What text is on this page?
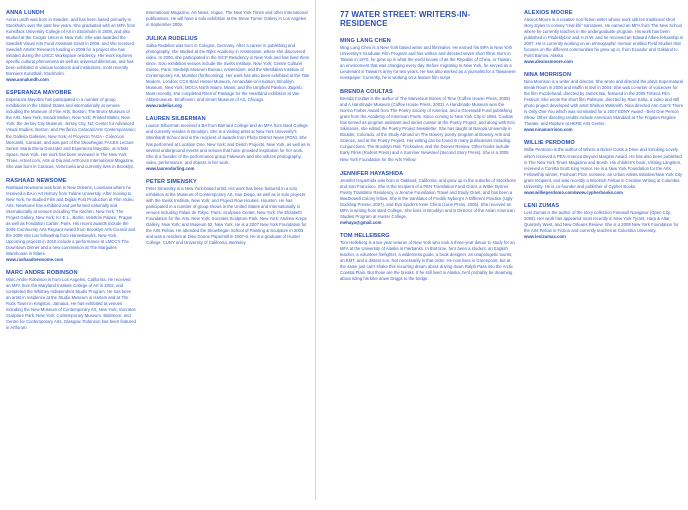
ANNA LUNDH

Anna Lundh was born in Sweden, and has been based primarily in Stockholm over the past few years. She graduated with an MFA from Konstfack University College of Art in Stockholm in 2008, and also studied at the Cooper Union in New York. She was awarded the Swedish Visual Arts Fund Assistant Grant in 2006, and she received Swedish Artists' Research funding in 2009 for a project she has initiated during the LMCC Workspace residency. Her work explores specific cultural phenomena as well as universal dilemmas, and has been exhibited in various locations and institutions, most recently Bonniers Konsthall, Stockholm.

www.annalundh.com
ESPERANZA MAYOBRE

Esperanza Mayobre has participated in a number of group exhibitions in the United States and internationally at venues including the Museum of Fine Arts, Boston; The Bronx Museum of the Arts, New York; Smack Mellon, New York; Printed Matter, New York; the Jersey City Museum, Jersey City, NJ; Center for Advanced Visual Studies, Boston; and Periferico Caracas/Arte Contemporaneo; the Galleria Galleries, New York; el Proyecto TAGA - Coleccion Mercantil, Caracas; and was part of the Skowhegan FACES Lecture Series: Maria Elena Gonzalez and Esperanza Mayobre, at Artists Space, New York. Her work has been reviewed in The New York Times, Artnet.com, Arte al Dia and ArtForum International Magazine. She was born in Caracas, Venezuela and currently lives in Brooklyn.

RASHAAD NEWSOME

Rashaad Newsome was born in New Orleans, Louisiana where he received a BA in Art History from Tulane University. After moving to New York, he studied Film and Digital Post Production at Film Video Arts. Newsome has exhibited and performed nationally and internationally at venues including The Kitchen, New York; The Project Gallery, New York; K.I.E.L., Berlin; Velettrini Palace, Prague as well as Fondation Cartier, Paris. His recent awards include the 2009 Community Arts Regrant Award from Brooklyn Arts Council and the 2009 Van Lier fellowship from Harvestworks, New York. Upcoming projects in 2010 include a performance at LMCC's The Downtown Dinner and a new commission at The Marguiles Warehouse in Miami.

www.rashaadnewsome.com
MARC ANDRE ROBINSON

Marc Andre Robinson is from Los Angeles, California. He received an MFA from the Maryland Institute College of Art in 2002, and completed the Whitney Independent Studio Program. He has been an artist in residence at the Studio Museum in Harlem and at The Rock Tower in Kingston, Jamaica. He has exhibited at venues including the New Museum of Contemporary Art, New York; Socrates Sculpture Park, New York; Contemporary Museum, Baltimore; and Centre for Contemporary Arts, Glasgow. Robinson has been featured in Artforum

International Magazine, Art News, Vogue, The New York Times and other international publications. He will have a solo exhibition at the Steve Turner Gallery in Los Angeles in September 2009.

JULIKA RUDELIUS

Julika Rudelius was born in Cologne, Germany. After a career in publishing and photography, she studied at the Rijks Academy in Amsterdam, where she discovered video. In 2006, she participated in the ISCP Residency in New York and has lived there since. Solo exhibition venues include the Swiss Institute, New York; Centre Culturel Suisse, Paris; Stedelijk Museum Bureau, Amsterdam; and the Westfalian Institute of Contemporary Art, Munster (forthcoming). Her work has also been exhibited at the Tate Modern, London; CCS Bard Hessel Museum, Annandale-on-Hudson; Brooklyn Museum, New York; MOCA North Miami, Miami; and the Umpfiuhl Pavilion, Zagreb. Most recently, she completed Rites of Passage for the Heartland exhibition at Van Abbemuseum, Eindhoven; and Smart Museum of Art, Chicago.

www.rudelius.org
LAUREN SILBERMAN

Lauren Silberman received a BA from Barnard College and an MFA from Bard College and currently resides in Brooklyn. She is a visiting artist at New York University's Steinhardt School and is the recipient of awards from Photo District News (PDN). She has performed at Location One, New York; and Deitch Projects, New York, as well as in several underground events and venues that have provided inspiration for her work. She is a founder of the performance group Fakework and she utilizes photography, video, performance, and objects in her work.

www.laurendarling.com
PETER SIMENSKY

Peter Simensky is a New York-based artist. His work has been featured in a solo exhibition at the Museum of Contemporary Art, San Diego, as well as in solo projects with the Swiss Institute, New York; and Project Row Houses, Houston. He has participated in a number of group shows in the United States and internationally in venues including Palais de Tokyo, Paris; Sculpture Center, New York; the Elizabeth Foundation for the Arts, New York; Socrates Sculpture Park, New York; Andrew Kreps Gallery, New York; and Museum 52, New York. He is a 2007 New York Foundation for the Arts Fellow. He attended the Skowhegan School of Painting & Sculpture in 2003 and was a resident at Dieu Donne Papermill in 2007-8. He is a graduate of Hunter College, CUNY and University of California, Berkeley.

77 WATER STREET: WRITERS-IN-RESIDENCE
MING LANG CHEN

Ming Lang Chen is a New York based writer and filmmaker. He earned his MFA in New York University's Graduate Film Program and has written and directed seven short films. Born in Taiwan in 1970, he grew up in what the world knows of as the Republic of China, or Taiwan, an environment that was changing every day. Before migrating to New York, he served as a Lieutenant in Taiwan's army for two years. He has also worked as a journalist for a Taiwanese newspaper. Currently, he is working on a feature film script.

BRENDA COULTAS

Brenda Coultas is the author of The Marvelous Bones of Time (Coffee House Press, 2008) and A Handmade Museum (Coffee House Press, 2003). A Handmade Museum won the Norma Farber Award from The Poetry Society of America, and a Greenwall Fund publishing grant from the Academy of American Poets. Since coming to New York City in 1994, Coultas has served as program assistant and series curator at the Poetry Project, and along with Erin Sikirianos, she edited the Poetry Project Newsletter. She has taught at Naropa University in Boulder, Colorado, at the Study Abroad on The Bowery poetry program at Bowery Arts and Science, and at the Poetry Project. Her writing can be found in many publications including Conjunctions, The Brooklyn Rail, Tricksuites, and the Denver Review. Other books include Early Films (Rodent Press) and A Summer Newsreel (Second Story Press). She is a 2005 New York Foundation for the Arts Fellow.

JENNIFER HAYASHIDA

Jennifer Hayashida was born in Oakland, California, and grew up in the suburbs of Stockholm and San Francisco. She is the recipient of a PEN Translation Fund Grant, a Witter Bynner Poetry Translator Residency, a Jerome Foundation Travel and Study Grant, and has been a MacDowell Colony fellow. She is the translator of Fredrik Nyberg's A Different Practice (Ugly Duckling Presse, 2007), and Eva Sjodin's Inner China (Lune Press, 2005). She received an MFA in writing from Bard College. She lives in Brooklyn and is Director of the Asian American Studies Program at Hunter College.

mehaya@gmail.com
TOM HELLEBERG

Tom Helleberg is a ten-year veteran of New York who took a three-year detour to study for an MFA at the University of Alaska in Fairbanks. In that time, he's been a student, an English teacher, a volunteer firefighter, a wilderness guide, a book designer, an unapologetic tourist, an EMT, and a distant son. Not necessarily in that order. He now lives in Greenpoint, but at the same just can't shake this recurring dream about driving down Ralph Pass into the Arctic Coastal Plain. But those are the breaks. If he still lived in Alaska, he'd probably be dreaming about riding his bike down Driggs to the bridge.

ALEXIOS MOORE

Alexios Moore is a creative non-fiction writer whose work utilizes traditional short story styles to convey "real life" narratives. He earned an MFA from The New School where he currently teaches in the undergraduate program. His work has been published in Pindeldyboz and H.O.W. and he received an Edward Albee fellowship in 2007. He is currently working on an ethnographic memoir entitled Field Studies that focuses on the different communities he grew up in, from Ecuador and Oakland to Point Barrow, Alaska.

www.alexiosmoore.com
NINA MORRISON

Nina Morrison is a writer and director. She wrote and directed the plays Supernatural Break Room in 2006 and Muffin Is Evil in 2004. She was co-writer of voiceover for the film Puzzlehead, directed by James Bai, featured in the 2005 Tribeca Film Festival. She wrote the short film Palimpin, directed by Ram Saha, a video and still photo project developed with artist Shelton Walsmith. Nina directed Ann Carr's There Is Only One You which was nominated for a 2007 EDNY Award - Best One Person Show. Other directing credits include American Standard at The Frigates Regime Theater, and Rapture at HERE Arts Center.

www.ninamorrison.com
WILLIE PERDOMO

Willie Perdomo is the author of Where a Nickel Costs a Dime and Smoking Lovely, which received a PEN America Beyond Margins Award. He has also been published in The New York Times Magazine and Bomb. His children's book, Visiting Langston, received a Coretta Scott King Honor. He is a New York Foundation for the Arts Fellowship winner, Pushcart Prize nominee, an Urban Artists Initiative/New York City grant recipient, and was recently a Woolrich Fellow in Creative Writing at Columbia University. He is co-founder and publisher of Cypher Books.

www.willieperdomo.com/www.cypherbooks.com
LENI ZUMAS

Leni Zumas is the author of the story collection Farewell Navigator (Open City, 2008). Her work has appeared most recently in New York Tyrant, Harp & Altar, Quarterly West, and New Orleans Review. She is a 2008 New York Foundation for the Arts Fellow in Fiction and currently teaches at Columbia University.

www.lenizumas.com
